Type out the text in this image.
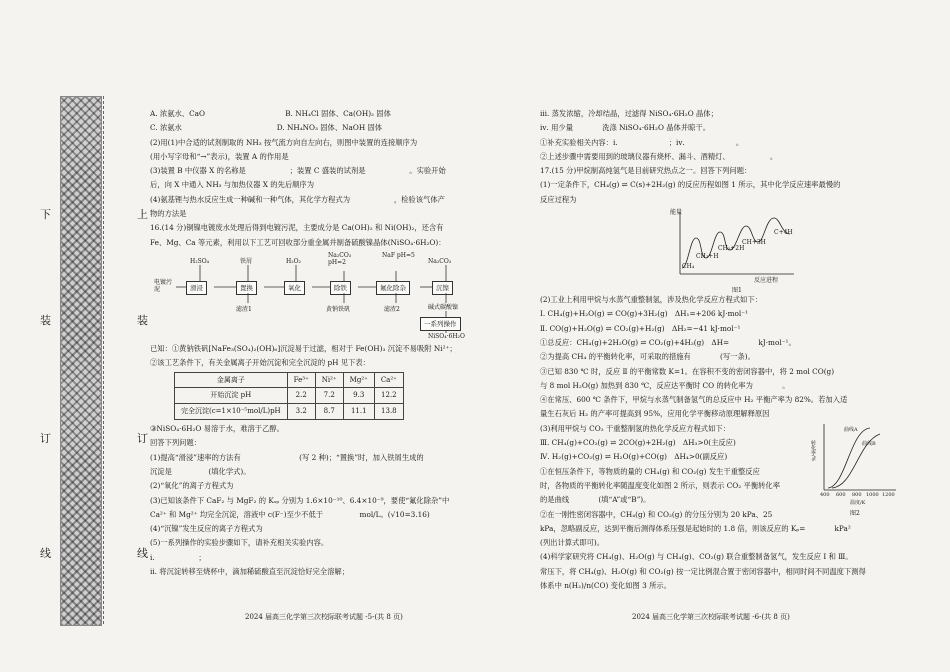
下	上
装	装
订	订
线	线
A. 浓氨水、CaO　　　　　　　　　　　B. NH₄Cl 固体、Ca(OH)₂ 固体
C. 浓氨水　　　　　　　　　　　　　D. NH₄NO₃ 固体、NaOH 固体
(2)用(1)中合适的试剂制取的 NH₃ 按气流方向自左向右，则图中装置的连接顺序为
(用小写字母和“→”表示)，装置 A 的作用是
(3)装置 B 中仪器 X 的名称是　　　　　　；装置 C 盛装的试剂是　　　　　　。实验开始
后，向 X 中通入 NH₃ 与加热仪器 X 的先后顺序为
(4)氨基锂与热水反应生成一种碱和一种气体，其化学方程式为　　　　　　，检验该气体产
物的方法是
16.(14 分)铜镍电镀废水处理后得到电镀污泥，主要成分是 Ca(OH)₂ 和 Ni(OH)₂，还含有
Fe、Mg、Ca 等元素，利用以下工艺可回收部分重金属并制备硫酸镍晶体(NiSO₄·6H₂O)：
电镀污泥
H₂SO₄	铁屑	H₂O₂
Na₂CO₃ pH=2
NaF pH=5
Na₂CO₃
滑浸	置换	氧化	除铁	氟化除杂	沉镍
滤渣1	黄钠铁矾	滤渣2	碱式碳酸镍
一系列操作
NiSO₄·6H₂O
已知：①黄钠铁矾[NaFe₃(SO₄)₂(OH)₆]沉淀易于过滤，相对于 Fe(OH)₃ 沉淀不易吸附 Ni²⁺；
②该工艺条件下，有关金属离子开始沉淀和完全沉淀的 pH 见下表：
金属离子	Fe³⁺	Ni²⁺	Mg²⁺	Ca²⁺
开始沉淀 pH	2.2	7.2	9.3	12.2
完全沉淀(c=1×10⁻⁵mol/L)pH	3.2	8.7	11.1	13.8
③NiSO₄·6H₂O 易溶于水，难溶于乙醇。
回答下列问题：
(1)提高“滑浸”速率的方法有　　　　　　　　(写 2 种)；“置换”时，加入铁屑生成的
沉淀是　　　　　(填化学式)。
(2)“氧化”的离子方程式为
(3)已知该条件下 CaF₂ 与 MgF₂ 的 Kₛₚ 分别为 1.6×10⁻¹⁰、6.4×10⁻⁹，要使“氟化除杂”中
Ca²⁺ 和 Mg²⁺ 均完全沉淀，溶液中 c(F⁻)至少不低于　　　　　mol/L。(√10=3.16)
(4)“沉镍”发生反应的离子方程式为
(5)一系列操作的实验步骤如下，请补充相关实验内容。
ⅰ.　　　　　　；
ⅱ. 将沉淀转移至烧杯中，滴加稀硫酸直至沉淀恰好完全溶解；
2024 届高三化学第三次校际联考试题 -5-(共 8 页)
ⅲ. 蒸发浓缩，冷却结晶，过滤得 NiSO₄·6H₂O 晶体；
ⅳ. 用少量　　　　洗涤 NiSO₄·6H₂O 晶体并晾干。
①补充实验相关内容：ⅰ.　　　　　　　；ⅳ.　　　　　　　。
②上述步骤中需要用到的玻璃仪器有烧杯、漏斗、酒精灯、　　　　　　。
17.(15 分)甲烷制高纯氢气是目前研究热点之一。回答下列问题：
(1)一定条件下，CH₄(g) ⇌ C(s)+2H₂(g) 的反应历程如图 1 所示，其中化学反应速率最慢的
反应过程为
能量
反应进程
CH₄
CH₃+H
CH₂+2H
CH+3H
C+4H
图1
(2)工业上利用甲烷与水蒸气重整制氢，涉及热化学反应方程式如下：
Ⅰ. CH₄(g)+H₂O(g) ⇌ CO(g)+3H₂(g)　ΔH₁=+206 kJ·mol⁻¹
Ⅱ. CO(g)+H₂O(g) ⇌ CO₂(g)+H₂(g)　ΔH₂=−41 kJ·mol⁻¹
①总反应：CH₄(g)+2H₂O(g) ⇌ CO₂(g)+4H₂(g)　ΔH=　　　　kJ·mol⁻¹。
②为提高 CH₄ 的平衡转化率，可采取的措施有　　　　(写一条)。
③已知 830 ℃ 时，反应 Ⅱ 的平衡常数 K=1。在容积不变的密闭容器中，将 2 mol CO(g)
与 8 mol H₂O(g) 加热到 830 ℃，反应达平衡时 CO 的转化率为　　　　。
④在常压、600 ℃ 条件下，甲烷与水蒸气制备氢气的总反应中 H₂ 平衡产率为 82%。若加入适
量生石灰后 H₂ 的产率可提高到 95%，应用化学平衡移动原理解释原因
(3)利用甲烷与 CO₂ 干重整制氢的热化学反应方程式如下：
Ⅲ. CH₄(g)+CO₂(g) ⇌ 2CO(g)+2H₂(g)　ΔH₃>0(主反应)
Ⅳ. H₂(g)+CO₂(g) ⇌ H₂O(g)+CO(g)　ΔH₄>0(副反应)
①在恒压条件下，等物质的量的 CH₄(g) 和 CO₂(g) 发生干重整反应
时，各物质的平衡转化率随温度变化如图 2 所示，则表示 CO₂ 平衡转化率
的是曲线　　　　(填“A”或“B”)。
②在一刚性密闭容器中，CH₄(g) 和 CO₂(g) 的分压分别为 20 kPa、25
kPa，忽略副反应，达到平衡后测得体系压强是起始时的 1.8 倍，则该反应的 Kₚ=　　　　kPa²
(列出计算式即可)。
(4)科学家研究将 CH₄(g)、H₂O(g) 与 CH₄(g)、CO₂(g) 联合重整制备氢气，发生反应 Ⅰ 和 Ⅲ。
常压下，将 CH₄(g)、H₂O(g) 和 CO₂(g) 按一定比例混合置于密闭容器中，相同时间不同温度下测得
体系中 n(H₂)/n(CO) 变化如图 3 所示。
转化率/%
曲线A
曲线B
400 600 800 1000 1200
温度/K
图2
2024 届高三化学第三次校际联考试题 -6-(共 8 页)
